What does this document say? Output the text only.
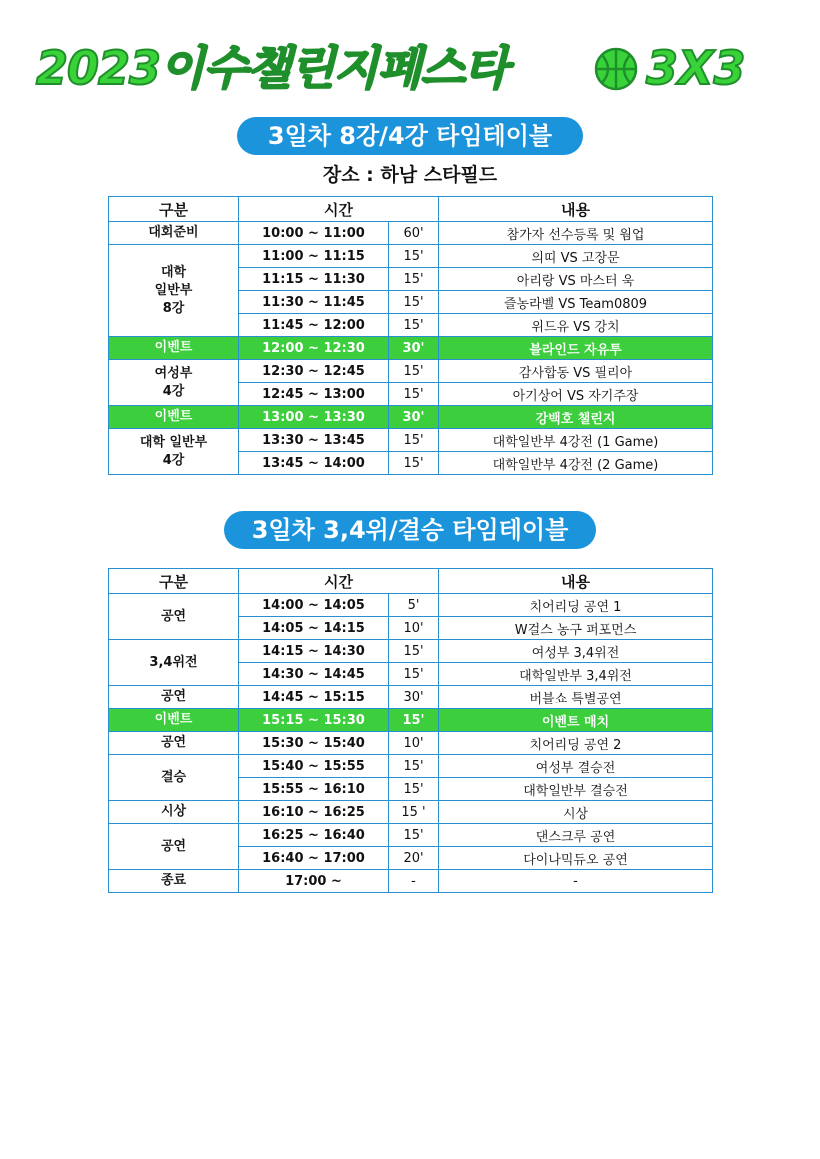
2023이수챌린지페스타	3X3
3일차 8강/4강 타임테이블
장소 : 하남 스타필드
구분	시간		내용
대회준비	10:00 ~ 11:00	60'	참가자 선수등록 및 웜업

대학
일반부
8강	11:00 ~ 11:15	15'	의띠 VS 고장문
	11:15 ~ 11:30	15'	아리랑 VS 마스터 욱
	11:30 ~ 11:45	15'	즐농라벨 VS Team0809
	11:45 ~ 12:00	15'	위드유 VS 강치
이벤트	12:00 ~ 12:30	30'	블라인드 자유투

여성부
4강	12:30 ~ 12:45	15'	감사합동 VS 필리아
	12:45 ~ 13:00	15'	아기상어 VS 자기주장
이벤트	13:00 ~ 13:30	30'	강백호 챌린지

대학 일반부
4강	13:30 ~ 13:45	15'	대학일반부 4강전 (1 Game)
	13:45 ~ 14:00	15'	대학일반부 4강전 (2 Game)
3일차 3,4위/결승 타임테이블
구분	시간		내용
공연	14:00 ~ 14:05	5'	치어리딩 공연 1
	14:05 ~ 14:15	10'	W걸스 농구 퍼포먼스
3,4위전	14:15 ~ 14:30	15'	여성부 3,4위전
	14:30 ~ 14:45	15'	대학일반부 3,4위전
공연	14:45 ~ 15:15	30'	버블쇼 특별공연
이벤트	15:15 ~ 15:30	15'	이벤트 매치
공연	15:30 ~ 15:40	10'	치어리딩 공연 2
결승	15:40 ~ 15:55	15'	여성부 결승전
	15:55 ~ 16:10	15'	대학일반부 결승전
시상	16:10 ~ 16:25	15 '	시상
공연	16:25 ~ 16:40	15'	댄스크루 공연
	16:40 ~ 17:00	20'	다이나믹듀오 공연
종료	17:00 ~	-	-
